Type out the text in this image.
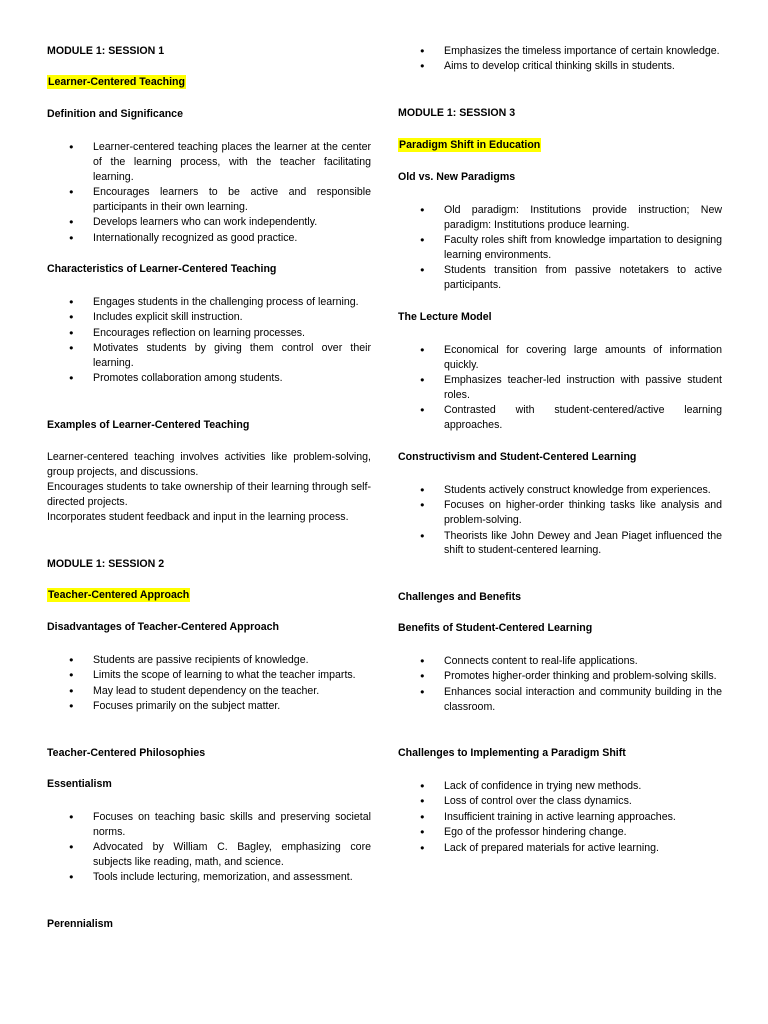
MODULE 1: SESSION 1

Learner-Centered Teaching

Definition and Significance

● Learner-centered teaching places the learner at the center of the learning process, with the teacher facilitating learning.
● Encourages learners to be active and responsible participants in their own learning.
● Develops learners who can work independently.
● Internationally recognized as good practice.

Characteristics of Learner-Centered Teaching

● Engages students in the challenging process of learning.
● Includes explicit skill instruction.
● Encourages reflection on learning processes.
● Motivates students by giving them control over their learning.
● Promotes collaboration among students.

Examples of Learner-Centered Teaching

Learner-centered teaching involves activities like problem-solving, group projects, and discussions.

Encourages students to take ownership of their learning through self-directed projects.

Incorporates student feedback and input in the learning process.

MODULE 1: SESSION 2

Teacher-Centered Approach

Disadvantages of Teacher-Centered Approach

● Students are passive recipients of knowledge.
● Limits the scope of learning to what the teacher imparts.
● May lead to student dependency on the teacher.
● Focuses primarily on the subject matter.

Teacher-Centered Philosophies

Essentialism

● Focuses on teaching basic skills and preserving societal norms.
● Advocated by William C. Bagley, emphasizing core subjects like reading, math, and science.
● Tools include lecturing, memorization, and assessment.

Perennialism

● Emphasizes the timeless importance of certain knowledge.
● Aims to develop critical thinking skills in students.

MODULE 1: SESSION 3

Paradigm Shift in Education

Old vs. New Paradigms

● Old paradigm: Institutions provide instruction; New paradigm: Institutions produce learning.
● Faculty roles shift from knowledge impartation to designing learning environments.
● Students transition from passive notetakers to active participants.

The Lecture Model

● Economical for covering large amounts of information quickly.
● Emphasizes teacher-led instruction with passive student roles.
● Contrasted with student-centered/active learning approaches.

Constructivism and Student-Centered Learning

● Students actively construct knowledge from experiences.
● Focuses on higher-order thinking tasks like analysis and problem-solving.
● Theorists like John Dewey and Jean Piaget influenced the shift to student-centered learning.

Challenges and Benefits

Benefits of Student-Centered Learning

● Connects content to real-life applications.
● Promotes higher-order thinking and problem-solving skills.
● Enhances social interaction and community building in the classroom.

Challenges to Implementing a Paradigm Shift

● Lack of confidence in trying new methods.
● Loss of control over the class dynamics.
● Insufficient training in active learning approaches.
● Ego of the professor hindering change.
● Lack of prepared materials for active learning.
